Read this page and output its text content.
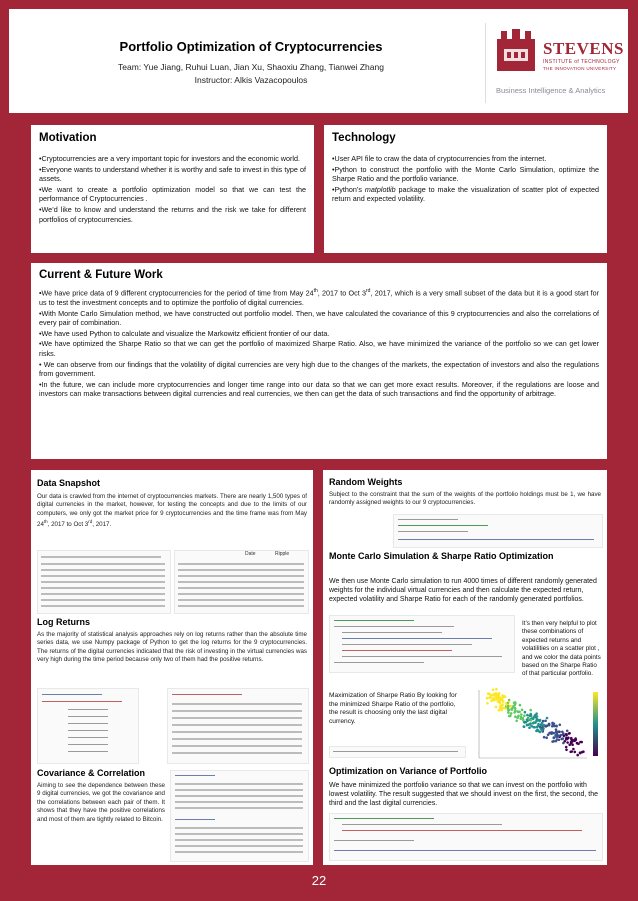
Portfolio Optimization of Cryptocurrencies
Team: Yue Jiang, Ruhui Luan, Jian Xu, Shaoxiu Zhang, Tianwei Zhang
Instructor: Alkis Vazacopoulos
STEVENS
INSTITUTE of TECHNOLOGY
THE INNOVATION UNIVERSITY
Business Intelligence & Analytics
Motivation

•Cryptocurrencies are a very important topic for investors and the economic world.

•Everyone wants to understand whether it is worthy and safe to invest in this type of assets.

•We want to create a portfolio optimization model so that we can test the performance of Cryptocurrencies .

•We’d like to know and understand the returns and the risk we take for different portfolios of cryptocurrencies.

Technology

•User API file to craw the data of cryptocurrencies from the internet.

•Python to construct the portfolio with the Monte Carlo Simulation, optimize the Sharpe Ratio and the portfolio variance.

•Python’s matplotlib package to make the visualization of scatter plot of expected return and expected volatility.

Current & Future Work

•We have price data of 9 different cryptocurrencies for the period of time from May 24th, 2017 to Oct 3rd, 2017, which is a very small subset of the data but it is a good start for us to test the investment concepts and to optimize the portfolio of digital currencies.

•With Monte Carlo Simulation method, we have constructed out portfolio model. Then, we have calculated the covariance of this 9 cryptocurrencies and also the correlations of every pair of combination.

•We have used Python to calculate and visualize the Markowitz efficient frontier of our data.

•We have optimized the Sharpe Ratio so that we can get the portfolio of maximized Sharpe Ratio. Also, we have minimized the variance of the portfolio so we can get lower risks.

• We can observe from our findings that the volatility of digital currencies are very high due to the changes of the markets, the expectation of investors and also the regulations from government.

•In the future, we can include more cryptocurrencies and longer time range into our data so that we can get more exact results. Moreover, if the regulations are loose and investors can make transactions between digital currencies and real currencies, we then can get the data of such transactions and find the opportunity of arbitrage.

Data Snapshot
Our data is crawled from the internet of cryptocurrencies markets. There are nearly 1,500 types of digital currencies in the market, however, for testing the concepts and due to the limits of our computers, we only got the market price for 9 cryptocurrencies and the time frame was from May 24th, 2017 to Oct 3rd, 2017.
Date	Ripple
Log Returns
As the majority of statistical analysis approaches rely on log returns rather than the absolute time series data, we use Numpy package of Python to get the log returns for the 9 cryptocurrencies. The returns of the digital currencies indicated that the risk of investing in the virtual currencies was very high during the time period because only two of them had the positive returns.
Covariance & Correlation
Aiming to see the dependence between these 9 digital currencies, we got the covariance and the correlations between each pair of them. It shows that they have the positive correlations and most of them are tightly related to Bitcoin.
Random Weights
Subject to the constraint that the sum of the weights of the portfolio holdings must be 1, we have randomly assigned weights to our 9 cryptocurrencies.
Monte Carlo Simulation & Sharpe Ratio Optimization
We then use Monte Carlo simulation to run 4000 times of different randomly generated weights for the individual virtual currencies and then calculate the expected return, expected volatility and Sharpe Ratio for each of the randomly generated portfolios.
It’s then very helpful to plot these combinations of expected returns and volatilities on a scatter plot , and we color the data points based on the Sharpe Ratio of that particular portfolio.
Maximization of Sharpe Ratio By looking for the minimized Sharpe Ratio of the portfolio, the result is choosing only the last digital currency.
Optimization on Variance of Portfolio
We have minimized the portfolio variance so that we can invest on the portfolio with lowest volatility. The result suggested that we should invest on the first, the second, the third and the last digital currencies.
22
